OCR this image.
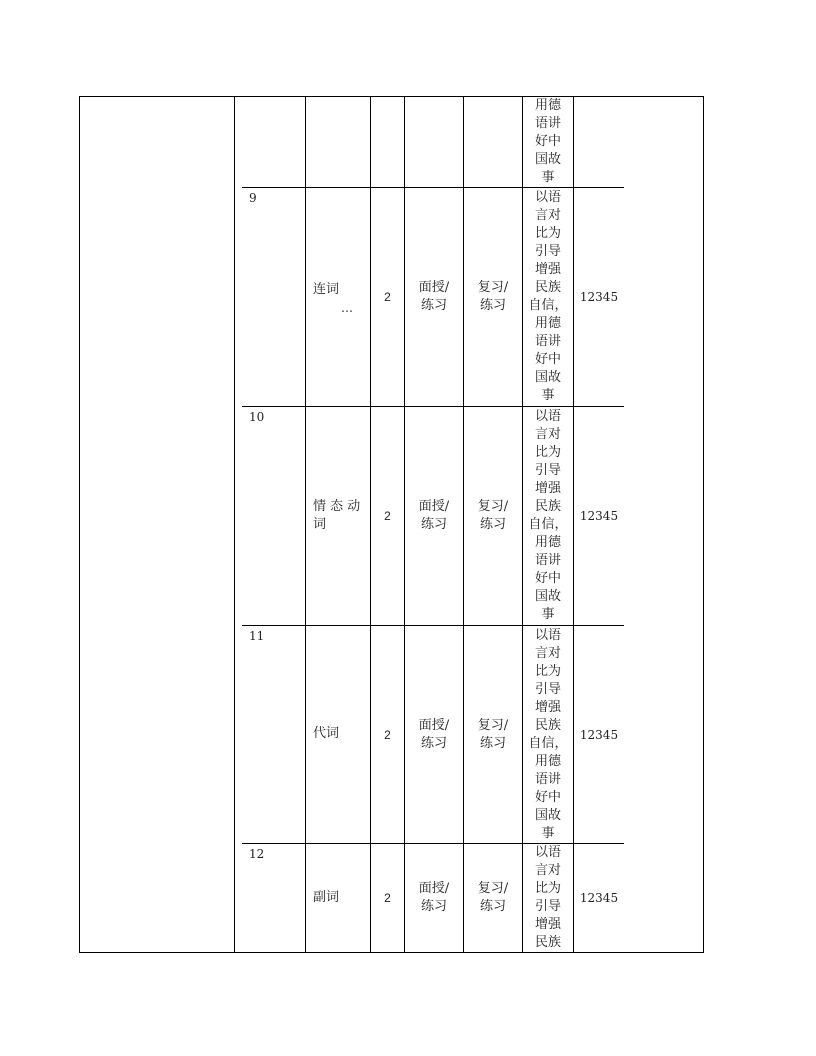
用德
语讲
好中
国故
事
9
连词
…
2
面授/
练习
复习/
练习
以语
言对
比为
引导
增强
民族
自信，
用德
语讲
好中
国故
事
12345
10
情 态 动
词
2
面授/
练习
复习/
练习
以语
言对
比为
引导
增强
民族
自信，
用德
语讲
好中
国故
事
12345
11
代词	2
面授/
练习
复习/
练习
以语
言对
比为
引导
增强
民族
自信，
用德
语讲
好中
国故
事
12345
12
副词	2
面授/
练习
复习/
练习
以语
言对
比为
引导
增强
民族
12345
